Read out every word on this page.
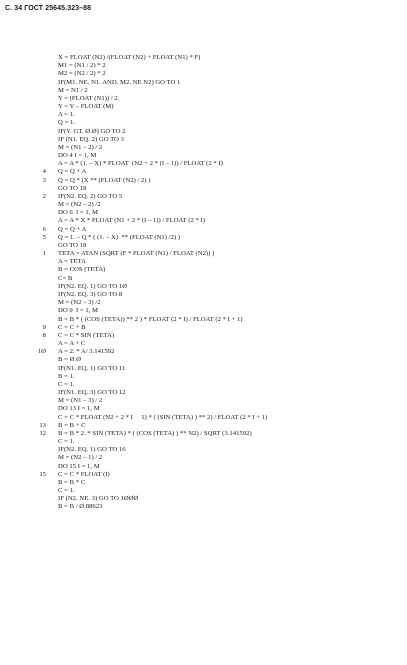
С. 34 ГОСТ 25645.323–88
X = FLOAT (N2) /(FLOAT (N2) + FLOAT (N1) * F)
M1 = (N1 / 2) * 2
M2 = (N2 / 2) * 2
IF(M1. NE. N1. AND. M2. NE N2) GO TO 1
M = N1 / 2
Y = (FLOAT (N1)) / 2.
Y = Y – FLOAT (M)
A = 1.
Q = 1.
IF(Y. GT. Ø.Ø) GO TO 2
IF (N1. EQ. 2) GO TO 3
M = (N1 – 2) / 2
DO 4 I = 1, M
A = A * (1. – X) * FLOAT  (N2 + 2 * (I – 1)) / FLOAT (2 * I)
4	Q = Q + A
3	Q = Q * (X ** (FLOAT (N2) / 2) )
GO TO 18
2	IF(N2. EQ. 2) GO TO 5
M = (N2 – 2) /2
DO 6  I = 1, M
A = A * X * FLOAT (N1 + 2 * (I – 1)) / FLOAT (2 * I)
6	Q = Q + A
5	Q = 1. – Q * ( (1. – X)  ** (FLOAT (N1) /2) )
GO TO 18
1	TETA = ATAN (SQRT (F * FLOAT (N1) / FLOAT (N2)) )
A = TETA
B = COS (TETA)
C= B
IF(N2. EQ. 1) GO TO 1Ø
IF(N2. EQ. 3) GO TO 8
M = (N2 – 3) /2
DO 9  I = 1, M
B = B * ( (COS (TETA)) ** 2 ) * FLOAT (2 * I) / FLOAT (2 * I + 1)
9	C = C + B
8	C = C * SIN (TETA)
A = A + C
1Ø	A = 2. * A/ 3.141592
B = Ø.Ø
IF(N1. EQ. 1) GO TO 11
B = 1.
C = 1.
IF(N1. EQ. 3) GO TO 12
M = (N1 – 3) / 2
DO 13 I = 1, M
C = C * FLOAT (N2 + 2 * I     1) * ( (SIN (TETA) ) ** 2) / FLOAT (2 * I + 1)
13	B = B + C
12	B = B * 2. * SIN (TETA) * ( (COS (TETA) ) ** N2) / SQRT (3.141592)
C = 1.
IF(N2. EQ. 1) GO TO 16
M = (N2 – 1) / 2
DO 15 I = 1, M
15	C = C * FLOAT (I)
B = B * C
C = 1.
IF (N2. NE. 3) GO TO 1ØØØ
B = B / Ø.88623
